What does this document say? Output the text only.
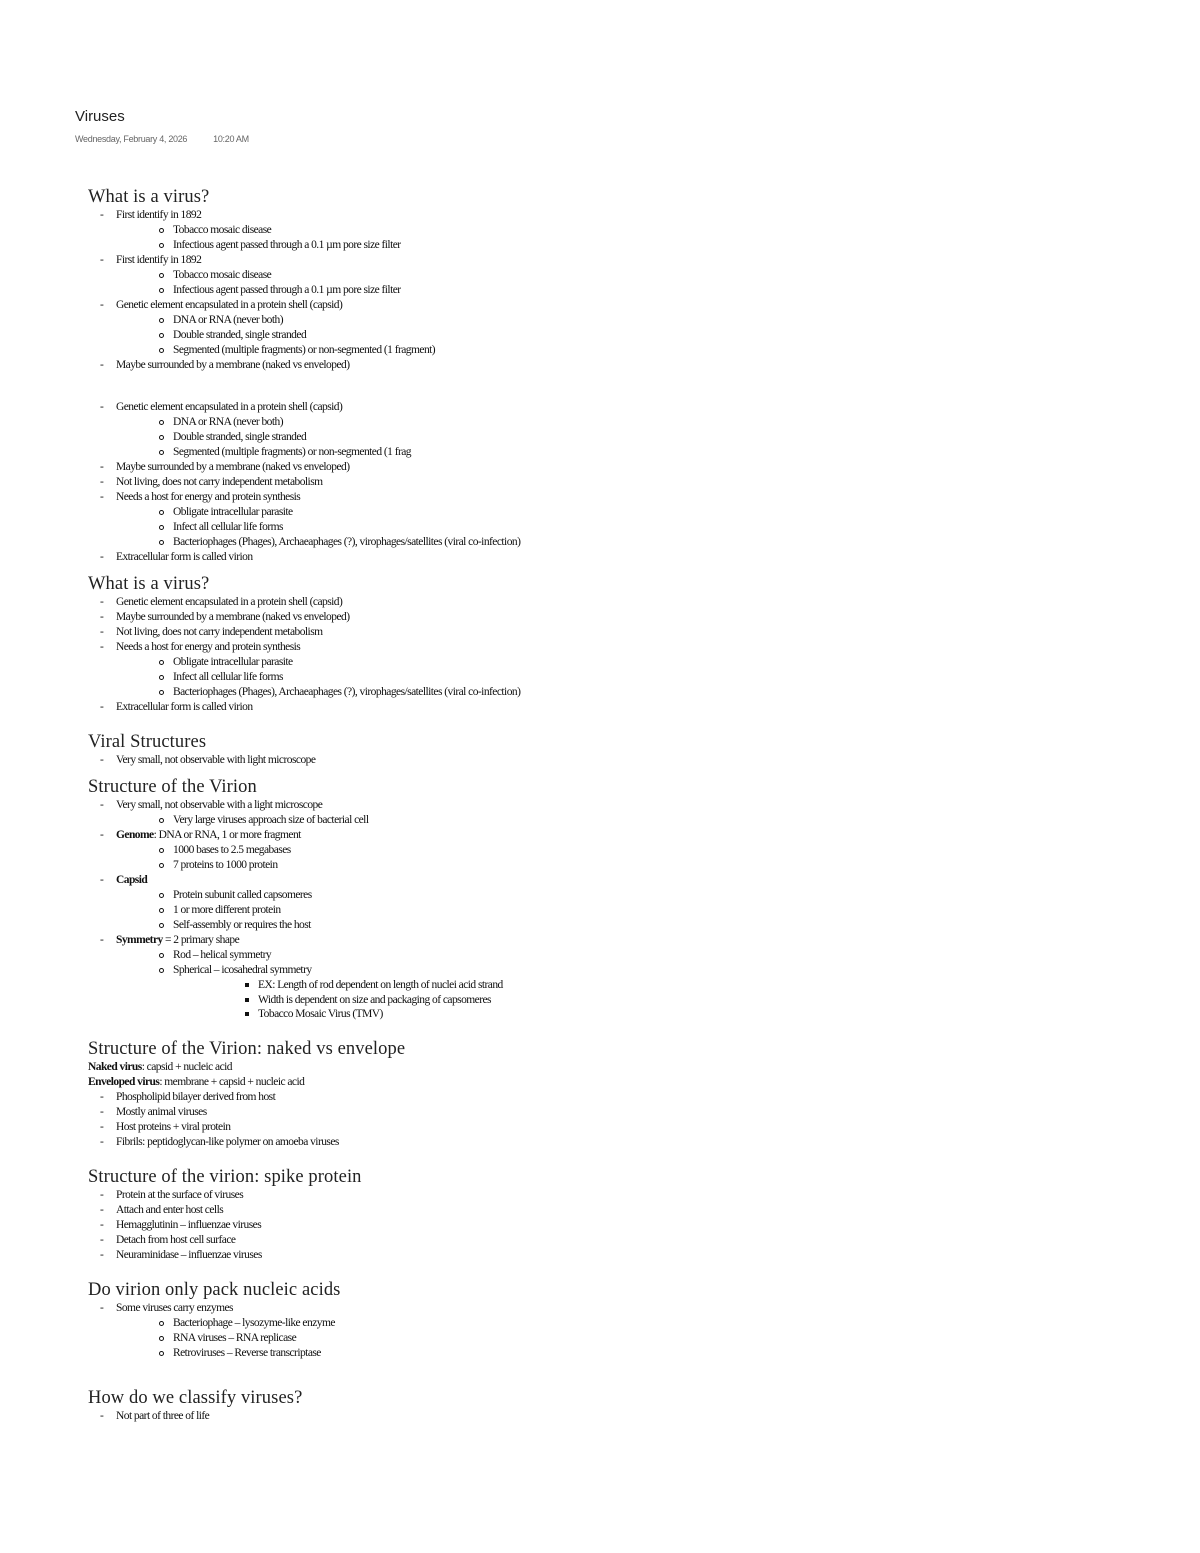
Viruses
Wednesday, February 4, 2026	10:20 AM
What is a virus?
- First identify in 1892
Tobacco mosaic disease
Infectious agent passed through a 0.1 µm pore size filter
- First identify in 1892
Tobacco mosaic disease
Infectious agent passed through a 0.1 µm pore size filter
- Genetic element encapsulated in a protein shell (capsid)
DNA or RNA (never both)
Double stranded, single stranded
Segmented (multiple fragments) or non-segmented (1 fragment)
- Maybe surrounded by a membrane (naked vs enveloped)
- Genetic element encapsulated in a protein shell (capsid)
DNA or RNA (never both)
Double stranded, single stranded
Segmented (multiple fragments) or non-segmented (1 frag
- Maybe surrounded by a membrane (naked vs enveloped)
- Not living, does not carry independent metabolism
- Needs a host for energy and protein synthesis
Obligate intracellular parasite
Infect all cellular life forms
Bacteriophages (Phages), Archaeaphages (?), virophages/satellites (viral co-infection)
- Extracellular form is called virion
What is a virus?
- Genetic element encapsulated in a protein shell (capsid)
- Maybe surrounded by a membrane (naked vs enveloped)
- Not living, does not carry independent metabolism
- Needs a host for energy and protein synthesis
Obligate intracellular parasite
Infect all cellular life forms
Bacteriophages (Phages), Archaeaphages (?), virophages/satellites (viral co-infection)
- Extracellular form is called virion
Viral Structures
- Very small, not observable with light microscope
Structure of the Virion
- Very small, not observable with a light microscope
Very large viruses approach size of bacterial cell
- Genome: DNA or RNA, 1 or more fragment
1000 bases to 2.5 megabases
7 proteins to 1000 protein
- Capsid
Protein subunit called capsomeres
1 or more different protein
Self-assembly or requires the host
- Symmetry = 2 primary shape
Rod – helical symmetry
Spherical – icosahedral symmetry
EX: Length of rod dependent on length of nuclei acid strand
Width is dependent on size and packaging of capsomeres
Tobacco Mosaic Virus (TMV)
Structure of the Virion: naked vs envelope
Naked virus: capsid + nucleic acid
Enveloped virus: membrane + capsid + nucleic acid
- Phospholipid bilayer derived from host
- Mostly animal viruses
- Host proteins + viral protein
- Fibrils: peptidoglycan-like polymer on amoeba viruses
Structure of the virion: spike protein
- Protein at the surface of viruses
- Attach and enter host cells
- Hemagglutinin – influenzae viruses
- Detach from host cell surface
- Neuraminidase – influenzae viruses
Do virion only pack nucleic acids
- Some viruses carry enzymes
Bacteriophage – lysozyme-like enzyme
RNA viruses – RNA replicase
Retroviruses – Reverse transcriptase
How do we classify viruses?
- Not part of three of life
